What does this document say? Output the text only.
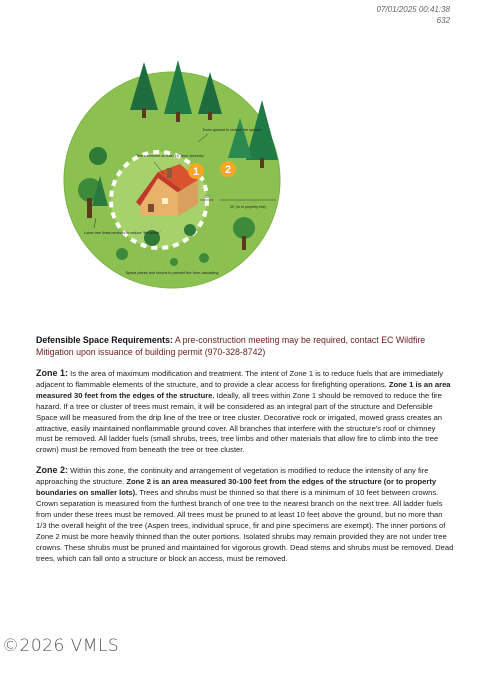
07/01/2025 00:41:38
632
1 2
30'
30' (or to property line)
Trees spaced to reduce fire spread
Trees trimmed at least 10' from chimney
Lower tree limbs removed to reduce "fire ladder"
Space plants and shrubs to prevent fire from cascading

Defensible Space Requirements: A pre-construction meeting may be required, contact EC Wildfire Mitigation upon issuance of building permit (970-328-8742)

Zone 1: Is the area of maximum modification and treatment. The intent of Zone 1 is to reduce fuels that are immediately adjacent to flammable elements of the structure, and to provide a clear access for firefighting operations. Zone 1 is an area measured 30 feet from the edges of the structure. Ideally, all trees within Zone 1 should be removed to reduce the fire hazard. If a tree or cluster of trees must remain, it will be considered as an integral part of the structure and Defensible Space will be measured from the drip line of the tree or tree cluster. Decorative rock or irrigated, mowed grass creates an attractive, easily maintained nonflammable ground cover. All branches that interfere with the structure's roof or chimney must be removed. All ladder fuels (small shrubs, trees, tree limbs and other materials that allow fire to climb into the tree crown) must be removed from beneath the tree or tree cluster.

Zone 2: Within this zone, the continuity and arrangement of vegetation is modified to reduce the intensity of any fire approaching the structure. Zone 2 is an area measured 30-100 feet from the edges of the structure (or to property boundaries on smaller lots). Trees and shrubs must be thinned so that there is a minimum of 10 feet between crowns. Crown separation is measured from the furthest branch of one tree to the nearest branch on the next tree. All ladder fuels from under these trees must be removed. All trees must be pruned to at least 10 feet above the ground, but no more than 1/3 the overall height of the tree (Aspen trees, individual spruce, fir and pine specimens are exempt). The inner portions of Zone 2 must be more heavily thinned than the outer portions. Isolated shrubs may remain provided they are not under tree crowns. These shrubs must be pruned and maintained for vigorous growth. Dead stems and shrubs must be removed. Dead trees, which can fall onto a structure or block an access, must be removed.

©2026 VMLS
